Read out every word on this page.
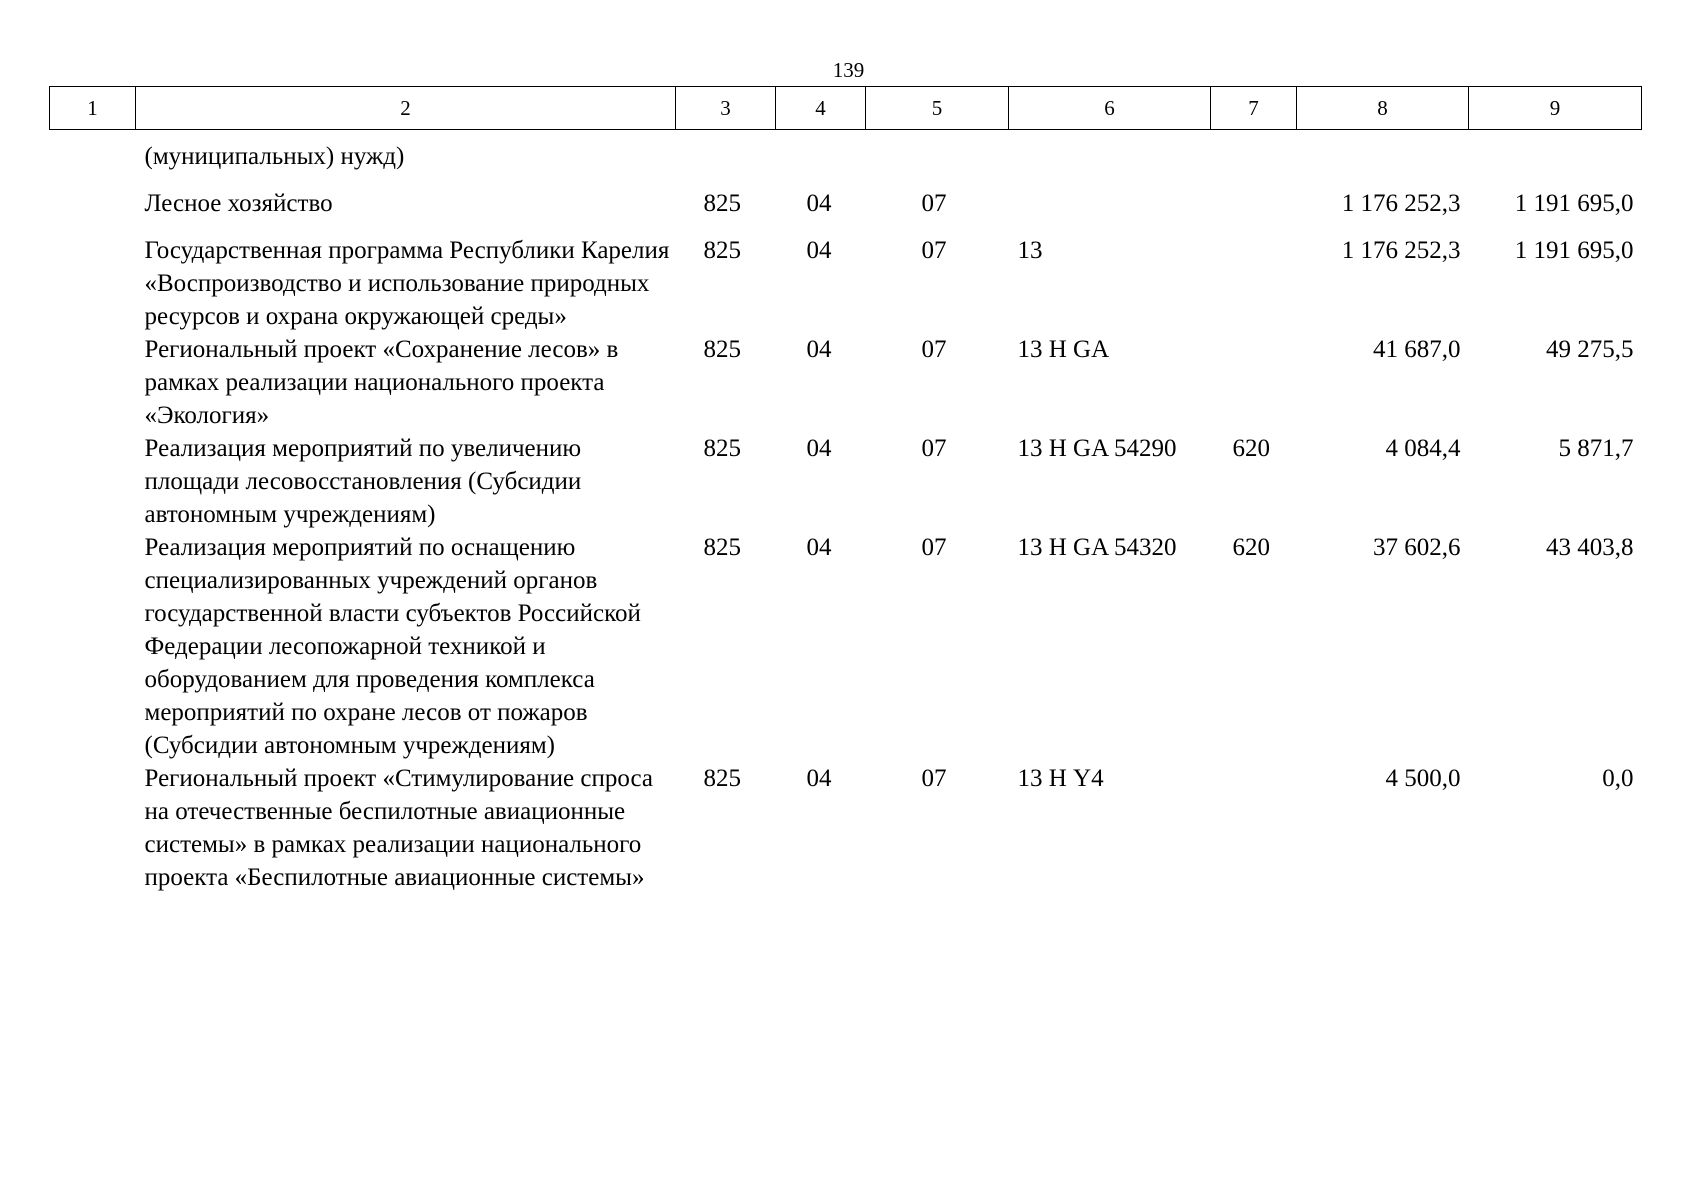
139
1	2	3	4	5	6	7	8	9

(муниципальных) нужд)								

Лесное хозяйство		825	04	07			1 176 252,3	1 191 695,0

Государственная программа Республики Карелия «Воспроизводство и использование природных ресурсов и охрана окружающей среды»		825	04	07	13		1 176 252,3	1 191 695,0

Региональный проект «Сохранение лесов» в рамках реализации национального проекта «Экология»		825	04	07	13 Н GA		41 687,0	49 275,5

Реализация мероприятий по увеличению площади лесовосстановления (Субсидии автономным учреждениям)		825	04	07	13 Н GA 54290	620	4 084,4	5 871,7

Реализация мероприятий по оснащению специализированных учреждений органов государственной власти субъектов Российской Федерации лесопожарной техникой и оборудованием для проведения комплекса мероприятий по охране лесов от пожаров (Субсидии автономным учреждениям)		825	04	07	13 Н GA 54320	620	37 602,6	43 403,8

Региональный проект «Стимулирование спроса на отечественные беспилотные авиационные системы» в рамках реализации национального проекта «Беспилотные авиационные системы»		825	04	07	13 Н Y4		4 500,0	0,0
